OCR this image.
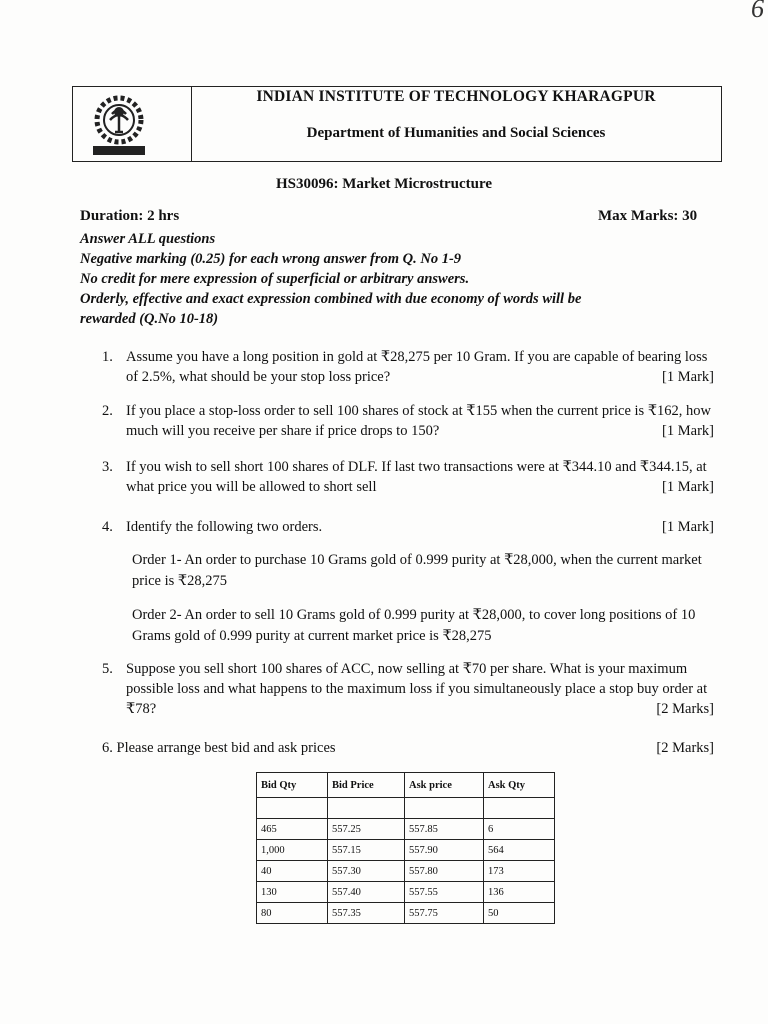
6
INDIAN INSTITUTE OF TECHNOLOGY KHARAGPUR
Department of Humanities and Social Sciences
HS30096: Market Microstructure
Duration: 2 hrs	Max Marks: 30
Answer ALL questions
Negative marking (0.25) for each wrong answer from Q. No 1-9
No credit for mere expression of superficial or arbitrary answers.
Orderly, effective and exact expression combined with due economy of words will be
rewarded (Q.No 10-18)
1. Assume you have a long position in gold at ₹28,275 per 10 Gram. If you are capable of bearing loss of 2.5%, what should be your stop loss price?	[1 Mark]
2. If you place a stop-loss order to sell 100 shares of stock at ₹155 when the current price is ₹162, how much will you receive per share if price drops to 150?	[1 Mark]
3. If you wish to sell short 100 shares of DLF. If last two transactions were at ₹344.10 and ₹344.15, at what price you will be allowed to short sell	[1 Mark]
4. Identify the following two orders.	[1 Mark]
Order 1- An order to purchase 10 Grams gold of 0.999 purity at ₹28,000, when the current market price is ₹28,275
Order 2- An order to sell 10 Grams gold of 0.999 purity at ₹28,000, to cover long positions of 10 Grams gold of 0.999 purity at current market price is ₹28,275
5. Suppose you sell short 100 shares of ACC, now selling at ₹70 per share. What is your maximum possible loss and what happens to the maximum loss if you simultaneously place a stop buy order at ₹78?	[2 Marks]
6. Please arrange best bid and ask prices	[2 Marks]
Bid Qty	Bid Price	Ask price	Ask Qty

465	557.25	557.85	6
1,000	557.15	557.90	564
40	557.30	557.80	173
130	557.40	557.55	136
80	557.35	557.75	50
